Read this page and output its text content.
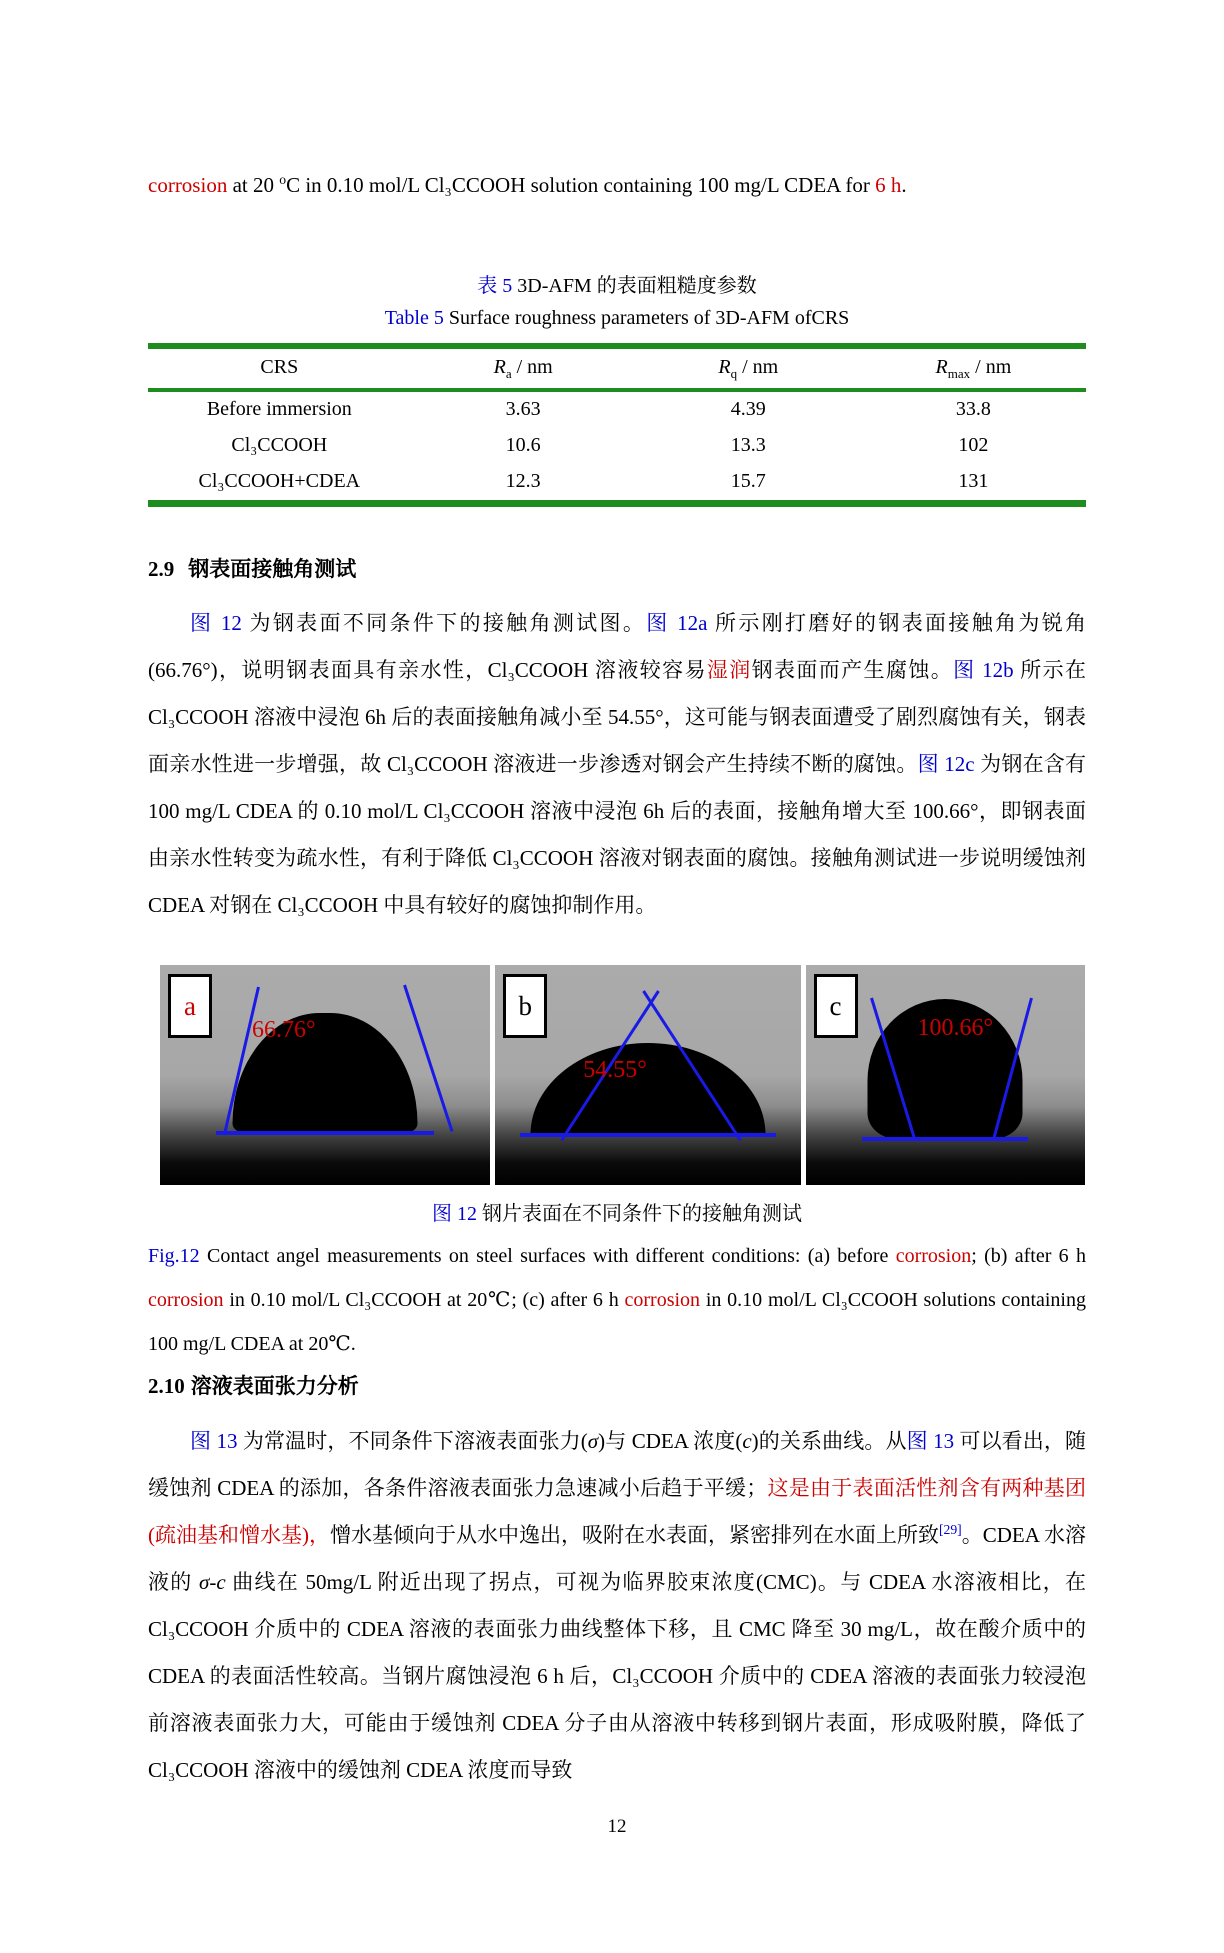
corrosion at 20 $^o$C in 0.10 mol/L Cl₃CCOOH solution containing 100 mg/L CDEA for 6 h.

表 5 3D-AFM 的表面粗糙度参数
Table 5 Surface roughness parameters of 3D-AFM ofCRS
CRS	$R_a$ / nm	$R_q$ / nm	$R_{max}$ / nm
Before immersion	3.63	4.39	33.8
Cl₃CCOOH	10.6	13.3	102
Cl₃CCOOH+CDEA	12.3	15.7	131
2.9 钢表面接触角测试

图 12 为钢表面不同条件下的接触角测试图。图 12a 所示刚打磨好的钢表面接触角为锐角(66.76°)，说明钢表面具有亲水性，Cl₃CCOOH 溶液较容易湿润钢表面而产生腐蚀。图 12b 所示在 Cl₃CCOOH 溶液中浸泡 6h 后的表面接触角减小至 54.55°，这可能与钢表面遭受了剧烈腐蚀有关，钢表面亲水性进一步增强，故 Cl₃CCOOH 溶液进一步渗透对钢会产生持续不断的腐蚀。图 12c 为钢在含有 100 mg/L CDEA 的 0.10 mol/L Cl₃CCOOH 溶液中浸泡 6h 后的表面，接触角增大至 100.66°，即钢表面由亲水性转变为疏水性，有利于降低 Cl₃CCOOH 溶液对钢表面的腐蚀。接触角测试进一步说明缓蚀剂 CDEA 对钢在 Cl₃CCOOH 中具有较好的腐蚀抑制作用。

a
66.76°
b
54.55°
c
100.66°
图 12 钢片表面在不同条件下的接触角测试
Fig.12 Contact angel measurements on steel surfaces with different conditions: (a) before corrosion; (b) after 6 h corrosion in 0.10 mol/L Cl₃CCOOH at 20℃; (c) after 6 h corrosion in 0.10 mol/L Cl₃CCOOH solutions containing 100 mg/L CDEA at 20℃.
2.10 溶液表面张力分析

图 13 为常温时，不同条件下溶液表面张力(σ)与 CDEA 浓度(c)的关系曲线。从图 13 可以看出，随缓蚀剂 CDEA 的添加，各条件溶液表面张力急速减小后趋于平缓；这是由于表面活性剂含有两种基团(疏油基和憎水基)，憎水基倾向于从水中逸出，吸附在水表面，紧密排列在水面上所致[29]。CDEA 水溶液的 σ-c 曲线在 50mg/L 附近出现了拐点，可视为临界胶束浓度(CMC)。与 CDEA 水溶液相比，在 Cl₃CCOOH 介质中的 CDEA 溶液的表面张力曲线整体下移，且 CMC 降至 30 mg/L，故在酸介质中的 CDEA 的表面活性较高。当钢片腐蚀浸泡 6 h 后，Cl₃CCOOH 介质中的 CDEA 溶液的表面张力较浸泡前溶液表面张力大，可能由于缓蚀剂 CDEA 分子由从溶液中转移到钢片表面，形成吸附膜，降低了 Cl₃CCOOH 溶液中的缓蚀剂 CDEA 浓度而导致

12
